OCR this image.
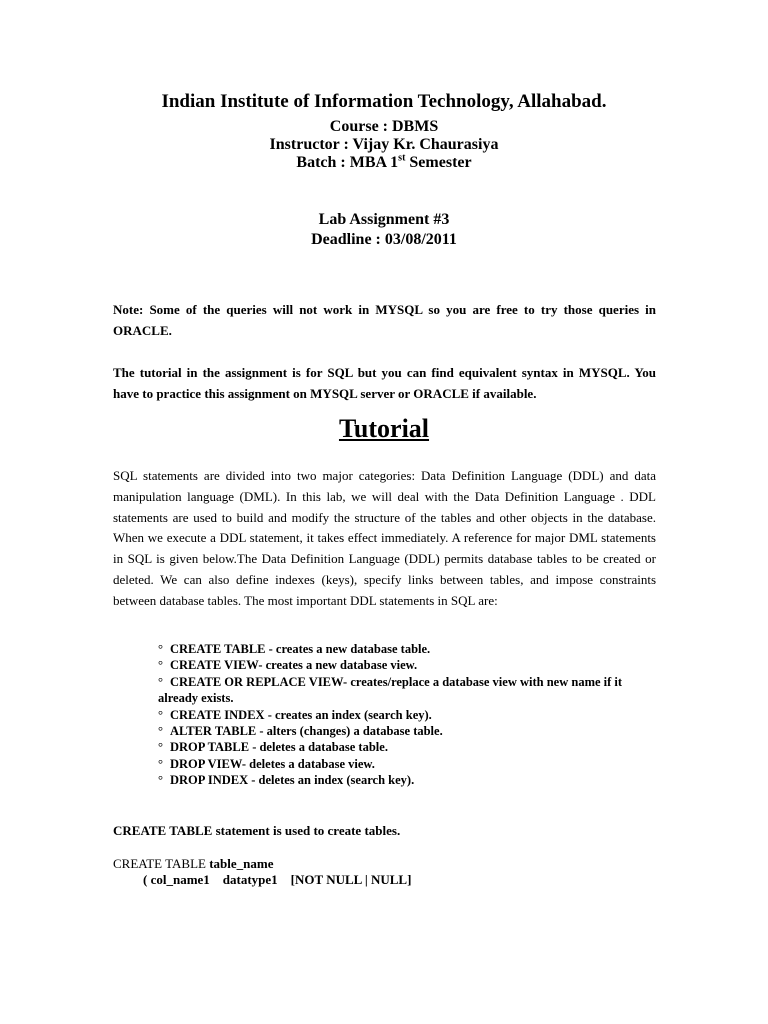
Indian Institute of Information Technology, Allahabad.
Course : DBMS
Instructor : Vijay Kr. Chaurasiya
Batch : MBA 1st Semester
Lab Assignment #3
Deadline : 03/08/2011

Note: Some of the queries will not work in MYSQL so you are free to try those queries in ORACLE.

The tutorial in the assignment is for SQL but you can find equivalent syntax in MYSQL. You have to practice this assignment on MYSQL server or ORACLE if available.

Tutorial

SQL statements are divided into two major categories: Data Definition Language (DDL) and data manipulation language (DML). In this lab, we will deal with the Data Definition Language . DDL statements are used to build and modify the structure of the tables and other objects in the database. When we execute a DDL statement, it takes effect immediately. A reference for major DML statements in SQL is given below.The Data Definition Language (DDL) permits database tables to be created or deleted. We can also define indexes (keys), specify links between tables, and impose constraints between database tables. The most important DDL statements in SQL are:

° CREATE TABLE - creates a new database table.
° CREATE VIEW- creates a new database view.
° CREATE OR REPLACE VIEW- creates/replace a database view with new name if it
already exists.
° CREATE INDEX - creates an index (search key).
° ALTER TABLE - alters (changes) a database table.
° DROP TABLE - deletes a database table.
° DROP VIEW- deletes a database view.
° DROP INDEX - deletes an index (search key).
CREATE TABLE statement is used to create tables.
CREATE TABLE table_name
( col_name1    datatype1    [NOT NULL | NULL]
